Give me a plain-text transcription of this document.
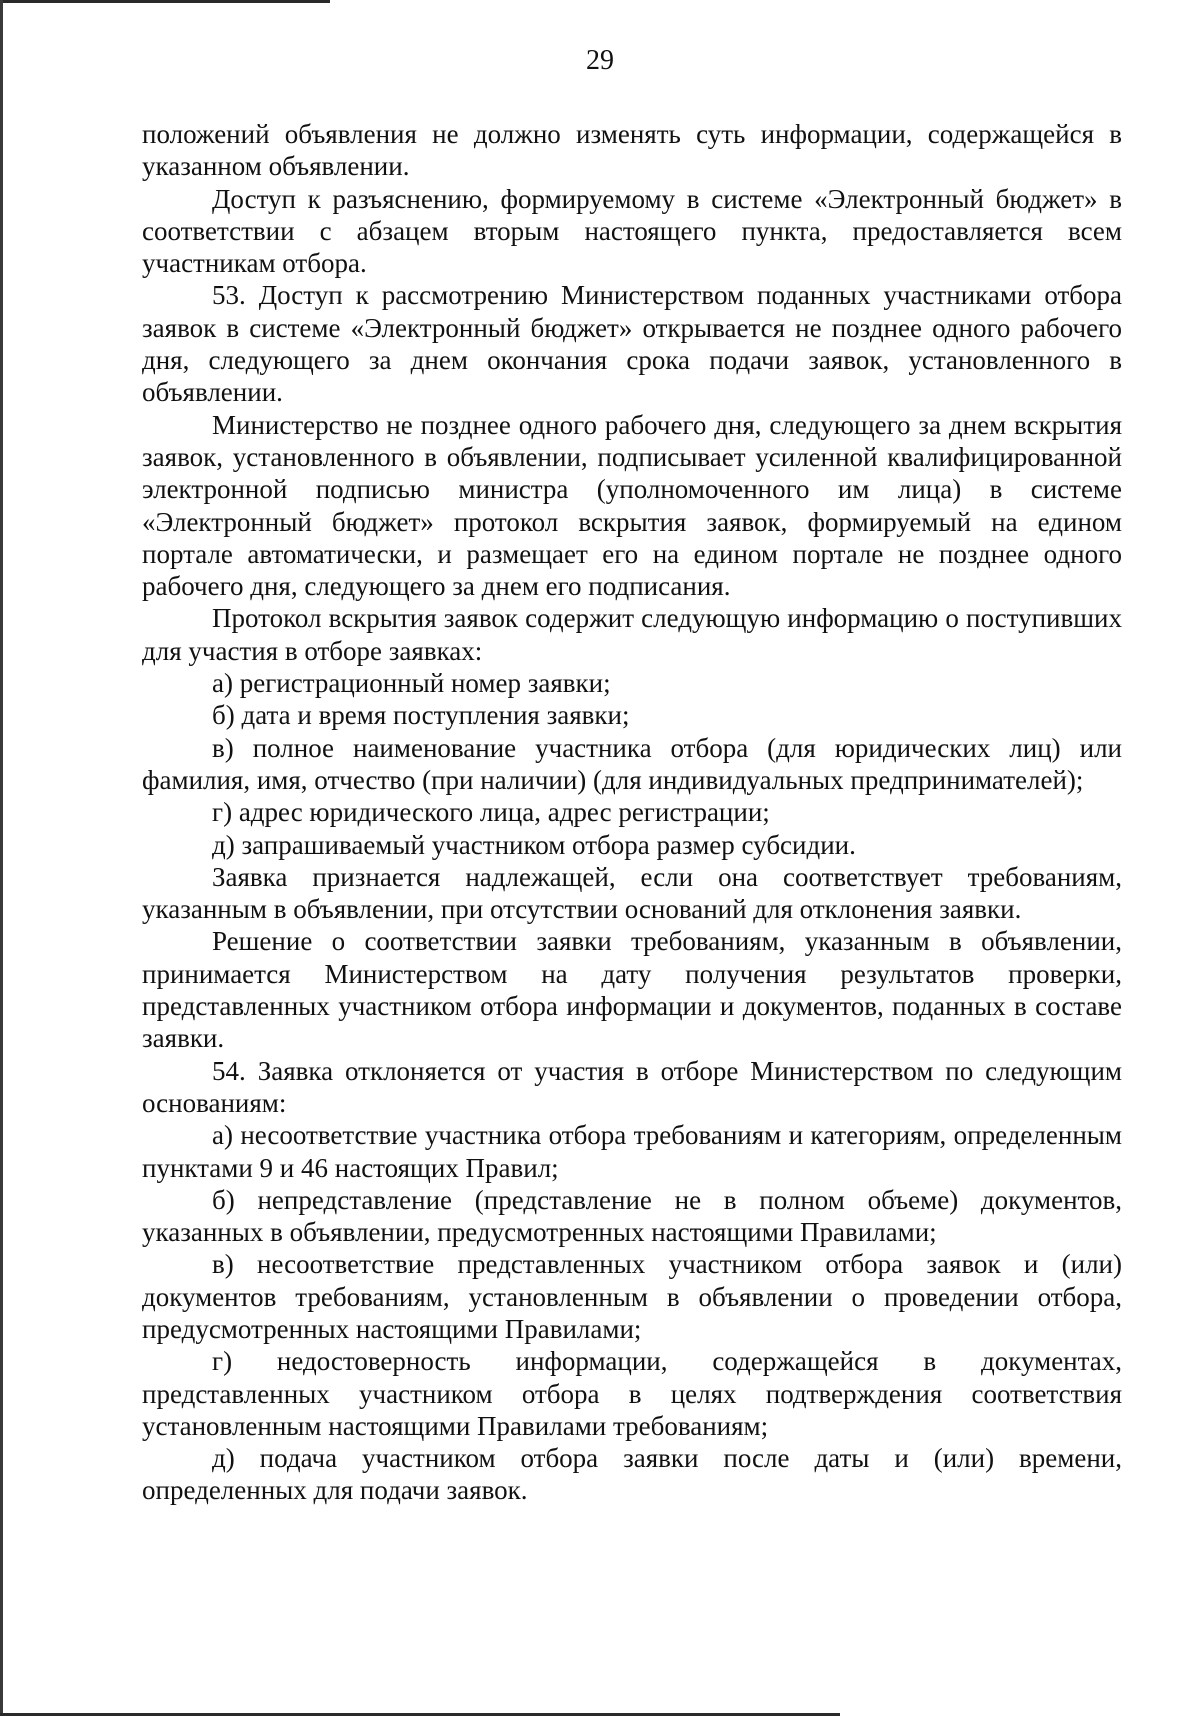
29

положений объявления не должно изменять суть информации, содержащейся в указанном объявлении.

Доступ к разъяснению, формируемому в системе «Электронный бюджет» в соответствии с абзацем вторым настоящего пункта, предоставляется всем участникам отбора.

53. Доступ к рассмотрению Министерством поданных участниками отбора заявок в системе «Электронный бюджет» открывается не позднее одного рабочего дня, следующего за днем окончания срока подачи заявок, установленного в объявлении.

Министерство не позднее одного рабочего дня, следующего за днем вскрытия заявок, установленного в объявлении, подписывает усиленной квалифицированной электронной подписью министра (уполномоченного им лица) в системе «Электронный бюджет» протокол вскрытия заявок, формируемый на едином портале автоматически, и размещает его на едином портале не позднее одного рабочего дня, следующего за днем его подписания.

Протокол вскрытия заявок содержит следующую информацию о поступивших для участия в отборе заявках:

а) регистрационный номер заявки;

б) дата и время поступления заявки;

в) полное наименование участника отбора (для юридических лиц) или фамилия, имя, отчество (при наличии) (для индивидуальных предпринимателей);

г) адрес юридического лица, адрес регистрации;

д) запрашиваемый участником отбора размер субсидии.

Заявка признается надлежащей, если она соответствует требованиям, указанным в объявлении, при отсутствии оснований для отклонения заявки.

Решение о соответствии заявки требованиям, указанным в объявлении, принимается Министерством на дату получения результатов проверки, представленных участником отбора информации и документов, поданных в составе заявки.

54. Заявка отклоняется от участия в отборе Министерством по следующим основаниям:

а) несоответствие участника отбора требованиям и категориям, определенным пунктами 9 и 46 настоящих Правил;

б) непредставление (представление не в полном объеме) документов, указанных в объявлении, предусмотренных настоящими Правилами;

в) несоответствие представленных участником отбора заявок и (или) документов требованиям, установленным в объявлении о проведении отбора, предусмотренных настоящими Правилами;

г) недостоверность информации, содержащейся в документах, представленных участником отбора в целях подтверждения соответствия установленным настоящими Правилами требованиям;

д) подача участником отбора заявки после даты и (или) времени, определенных для подачи заявок.
